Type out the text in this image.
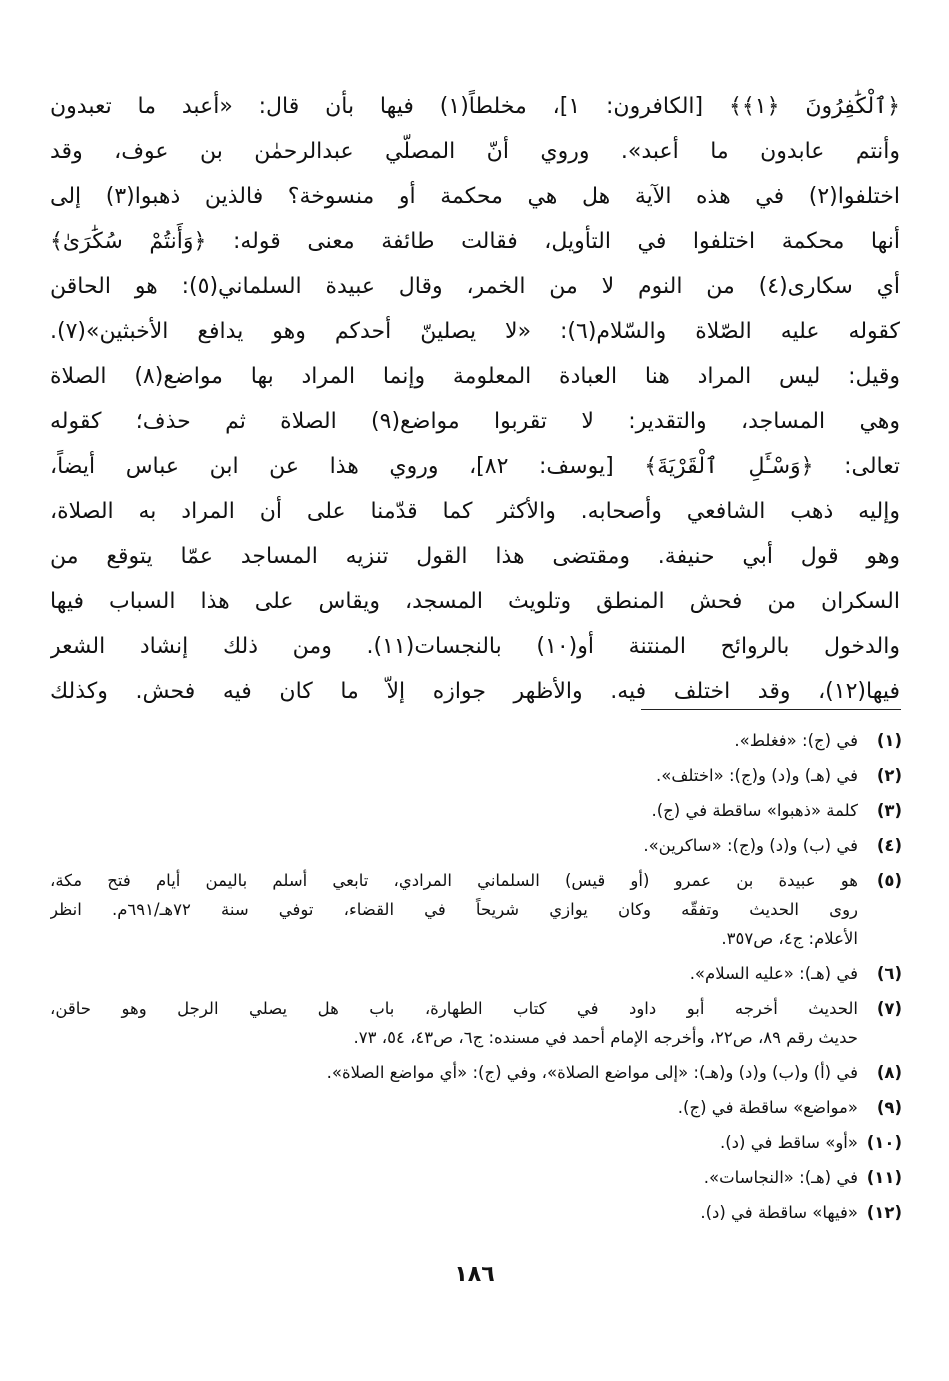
﴿ٱلْكَٰفِرُونَ ﴿١﴾﴾ [الكافرون: ١]، مخلطاً(١) فيها بأن قال: «أعبد ما تعبدون
وأنتم عابدون ما أعبد». وروي أنّ المصلّي عبدالرحمٰن بن عوف، وقد
اختلفوا(٢) في هذه الآية هل هي محكمة أو منسوخة؟ فالذين ذهبوا(٣) إلى
أنها محكمة اختلفوا في التأويل، فقالت طائفة معنى قوله: ﴿وَأَنتُمْ سُكَٰرَىٰ﴾
أي سكارى(٤) من النوم لا من الخمر، وقال عبيدة السلماني(٥): هو الحاقن
كقوله عليه الصّلاة والسّلام(٦): «لا يصلينّ أحدكم وهو يدافع الأخبثين»(٧).
وقيل: ليس المراد هنا العبادة المعلومة وإنما المراد بها مواضع(٨) الصلاة
وهي المساجد، والتقدير: لا تقربوا مواضع(٩) الصلاة ثم حذف؛ كقوله
تعالى: ﴿وَسْـَٔلِ ٱلْقَرْيَةَ﴾ [يوسف: ٨٢]، وروي هذا عن ابن عباس أيضاً،
وإليه ذهب الشافعي وأصحابه. والأكثر كما قدّمنا على أن المراد به الصلاة،
وهو قول أبي حنيفة. ومقتضى هذا القول تنزيه المساجد عمّا يتوقع من
السكران من فحش المنطق وتلويث المسجد، ويقاس على هذا السباب فيها
والدخول بالروائح المنتنة أو(١٠) بالنجسات(١١). ومن ذلك إنشاد الشعر
فيها(١٢)، وقد اختلف فيه. والأظهر جوازه إلاّ ما كان فيه فحش. وكذلك
(١)
في (ج): «فغلط».
(٢)
في (هـ) و(د) و(ج): «اختلف».
(٣)
كلمة «ذهبوا» ساقطة في (ج).
(٤)
في (ب) و(د) و(ج): «ساكرين».
(٥)
هو عبيدة بن عمرو (أو قيس) السلماني المرادي، تابعي أسلم باليمن أيام فتح مكة،
روى الحديث وتفقّه وكان يوازي شريحاً في القضاء، توفي سنة ٧٢هـ/٦٩١م. انظر
الأعلام: ج٤، ص٣٥٧.
(٦)
في (هـ): «عليه السلام».
(٧)
الحديث أخرجه أبو داود في كتاب الطهارة، باب هل يصلي الرجل وهو حاقن،
حديث رقم ٨٩، ص٢٢، وأخرجه الإمام أحمد في مسنده: ج٦، ص٤٣، ٥٤، ٧٣.
(٨)
في (أ) و(ب) و(د) و(هـ): «إلى مواضع الصلاة»، وفي (ج): «أي مواضع الصلاة».
(٩)
«مواضع» ساقطة في (ج).
(١٠)
«أو» ساقط في (د).
(١١)
في (هـ): «النجاسات».
(١٢)
«فيها» ساقطة في (د).
١٨٦
